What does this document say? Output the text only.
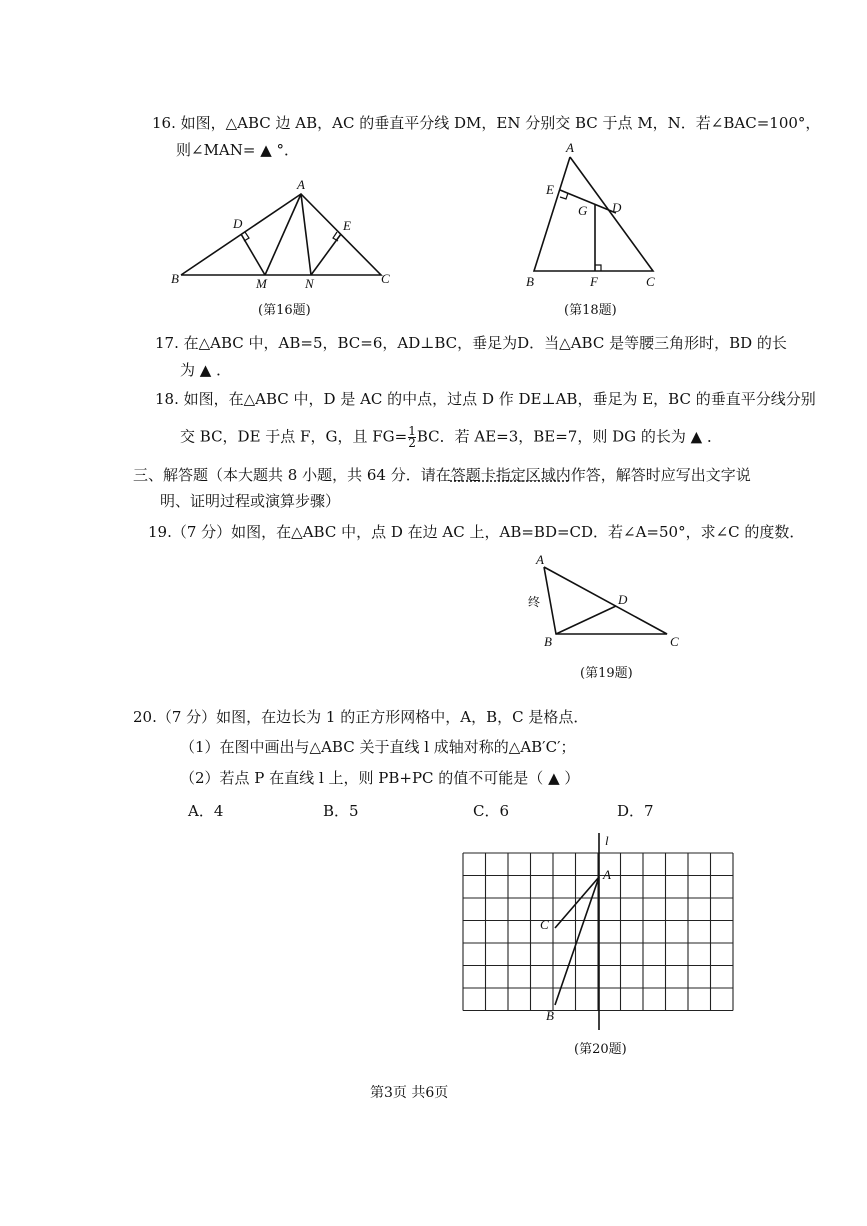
16. 如图，△ABC 边 AB，AC 的垂直平分线 DM，EN 分别交 BC 于点 M，N．若∠BAC=100°，
则∠MAN= ▲ °．
A
B	C
D	E
M	N
(第16题)
A
B	C
D
E
F
G
(第18题)
17. 在△ABC 中，AB=5，BC=6，AD⊥BC，垂足为D．当△ABC 是等腰三角形时，BD 的长
为 ▲ ．
18. 如图，在△ABC 中，D 是 AC 的中点，过点 D 作 DE⊥AB，垂足为 E，BC 的垂直平分线分别
交 BC，DE 于点 F，G，且 $FG= \frac{1}{2}$ BC．若 AE=3，BE=7，则 DG 的长为 ▲ ．
三、解答题（本大题共 8 小题，共 64 分．请在答题卡指定区域内作答，解答时应写出文字说
明、证明过程或演算步骤）
19.（7 分）如图，在△ABC 中，点 D 在边 AC 上，AB=BD=CD．若∠A=50°，求∠C 的度数．
A
B	C
D
终
(第19题)
20.（7 分）如图，在边长为 1 的正方形网格中，A，B，C 是格点．
（1）在图中画出与△ABC 关于直线 l 成轴对称的△AB′C′；
（2）若点 P 在直线 l 上，则 PB+PC 的值不可能是（ ▲ ）
A．4	B．5	C．6	D．7
l
A
C
B
(第20题)
第3页 共6页
